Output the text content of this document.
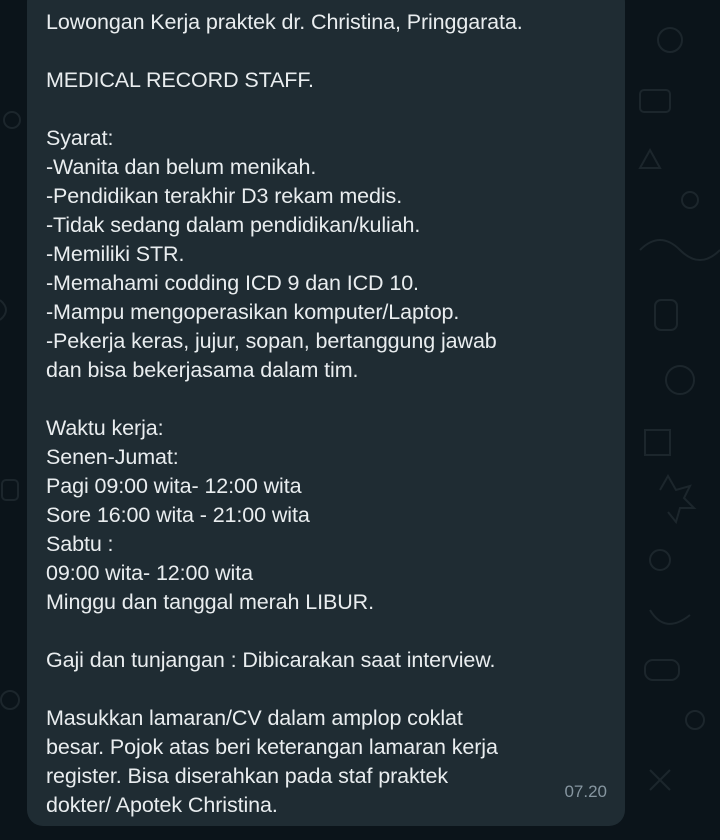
Lowongan Kerja praktek dr. Christina, Pringgarata.
MEDICAL RECORD STAFF.
Syarat:
-Wanita dan belum menikah.
-Pendidikan terakhir D3 rekam medis.
-Tidak sedang dalam pendidikan/kuliah.
-Memiliki STR.
-Memahami codding ICD 9 dan ICD 10.
-Mampu mengoperasikan komputer/Laptop.
-Pekerja keras, jujur, sopan, bertanggung jawab
dan bisa bekerjasama dalam tim.
Waktu kerja:
Senen-Jumat:
Pagi 09:00 wita- 12:00 wita
Sore 16:00 wita - 21:00 wita
Sabtu :
09:00 wita- 12:00 wita
Minggu dan tanggal merah LIBUR.
Gaji dan tunjangan : Dibicarakan saat interview.
Masukkan lamaran/CV dalam amplop coklat
besar. Pojok atas beri keterangan lamaran kerja
register. Bisa diserahkan pada staf praktek
dokter/ Apotek Christina.
07.20
